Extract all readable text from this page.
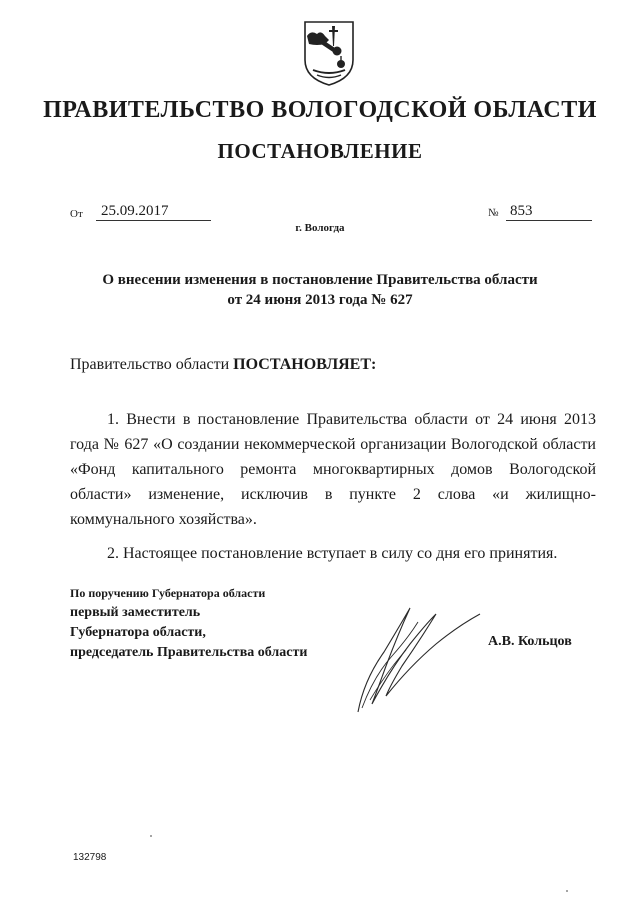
ПРАВИТЕЛЬСТВО ВОЛОГОДСКОЙ ОБЛАСТИ
ПОСТАНОВЛЕНИЕ
От	25.09.2017	№ 853
г. Вологда
О внесении изменения в постановление Правительства области
от 24 июня 2013 года № 627
Правительство области ПОСТАНОВЛЯЕТ:

1. Внести в постановление Правительства области от 24 июня 2013 года № 627 «О создании некоммерческой организации Вологодской области «Фонд капитального ремонта многоквартирных домов Вологодской области» изменение, исключив в пункте 2 слова «и жилищно-коммунального хозяйства».

2. Настоящее постановление вступает в силу со дня его принятия.

По поручению Губернатора области
первый заместитель
Губернатора области,
председатель Правительства области
А.В. Кольцов
132798
